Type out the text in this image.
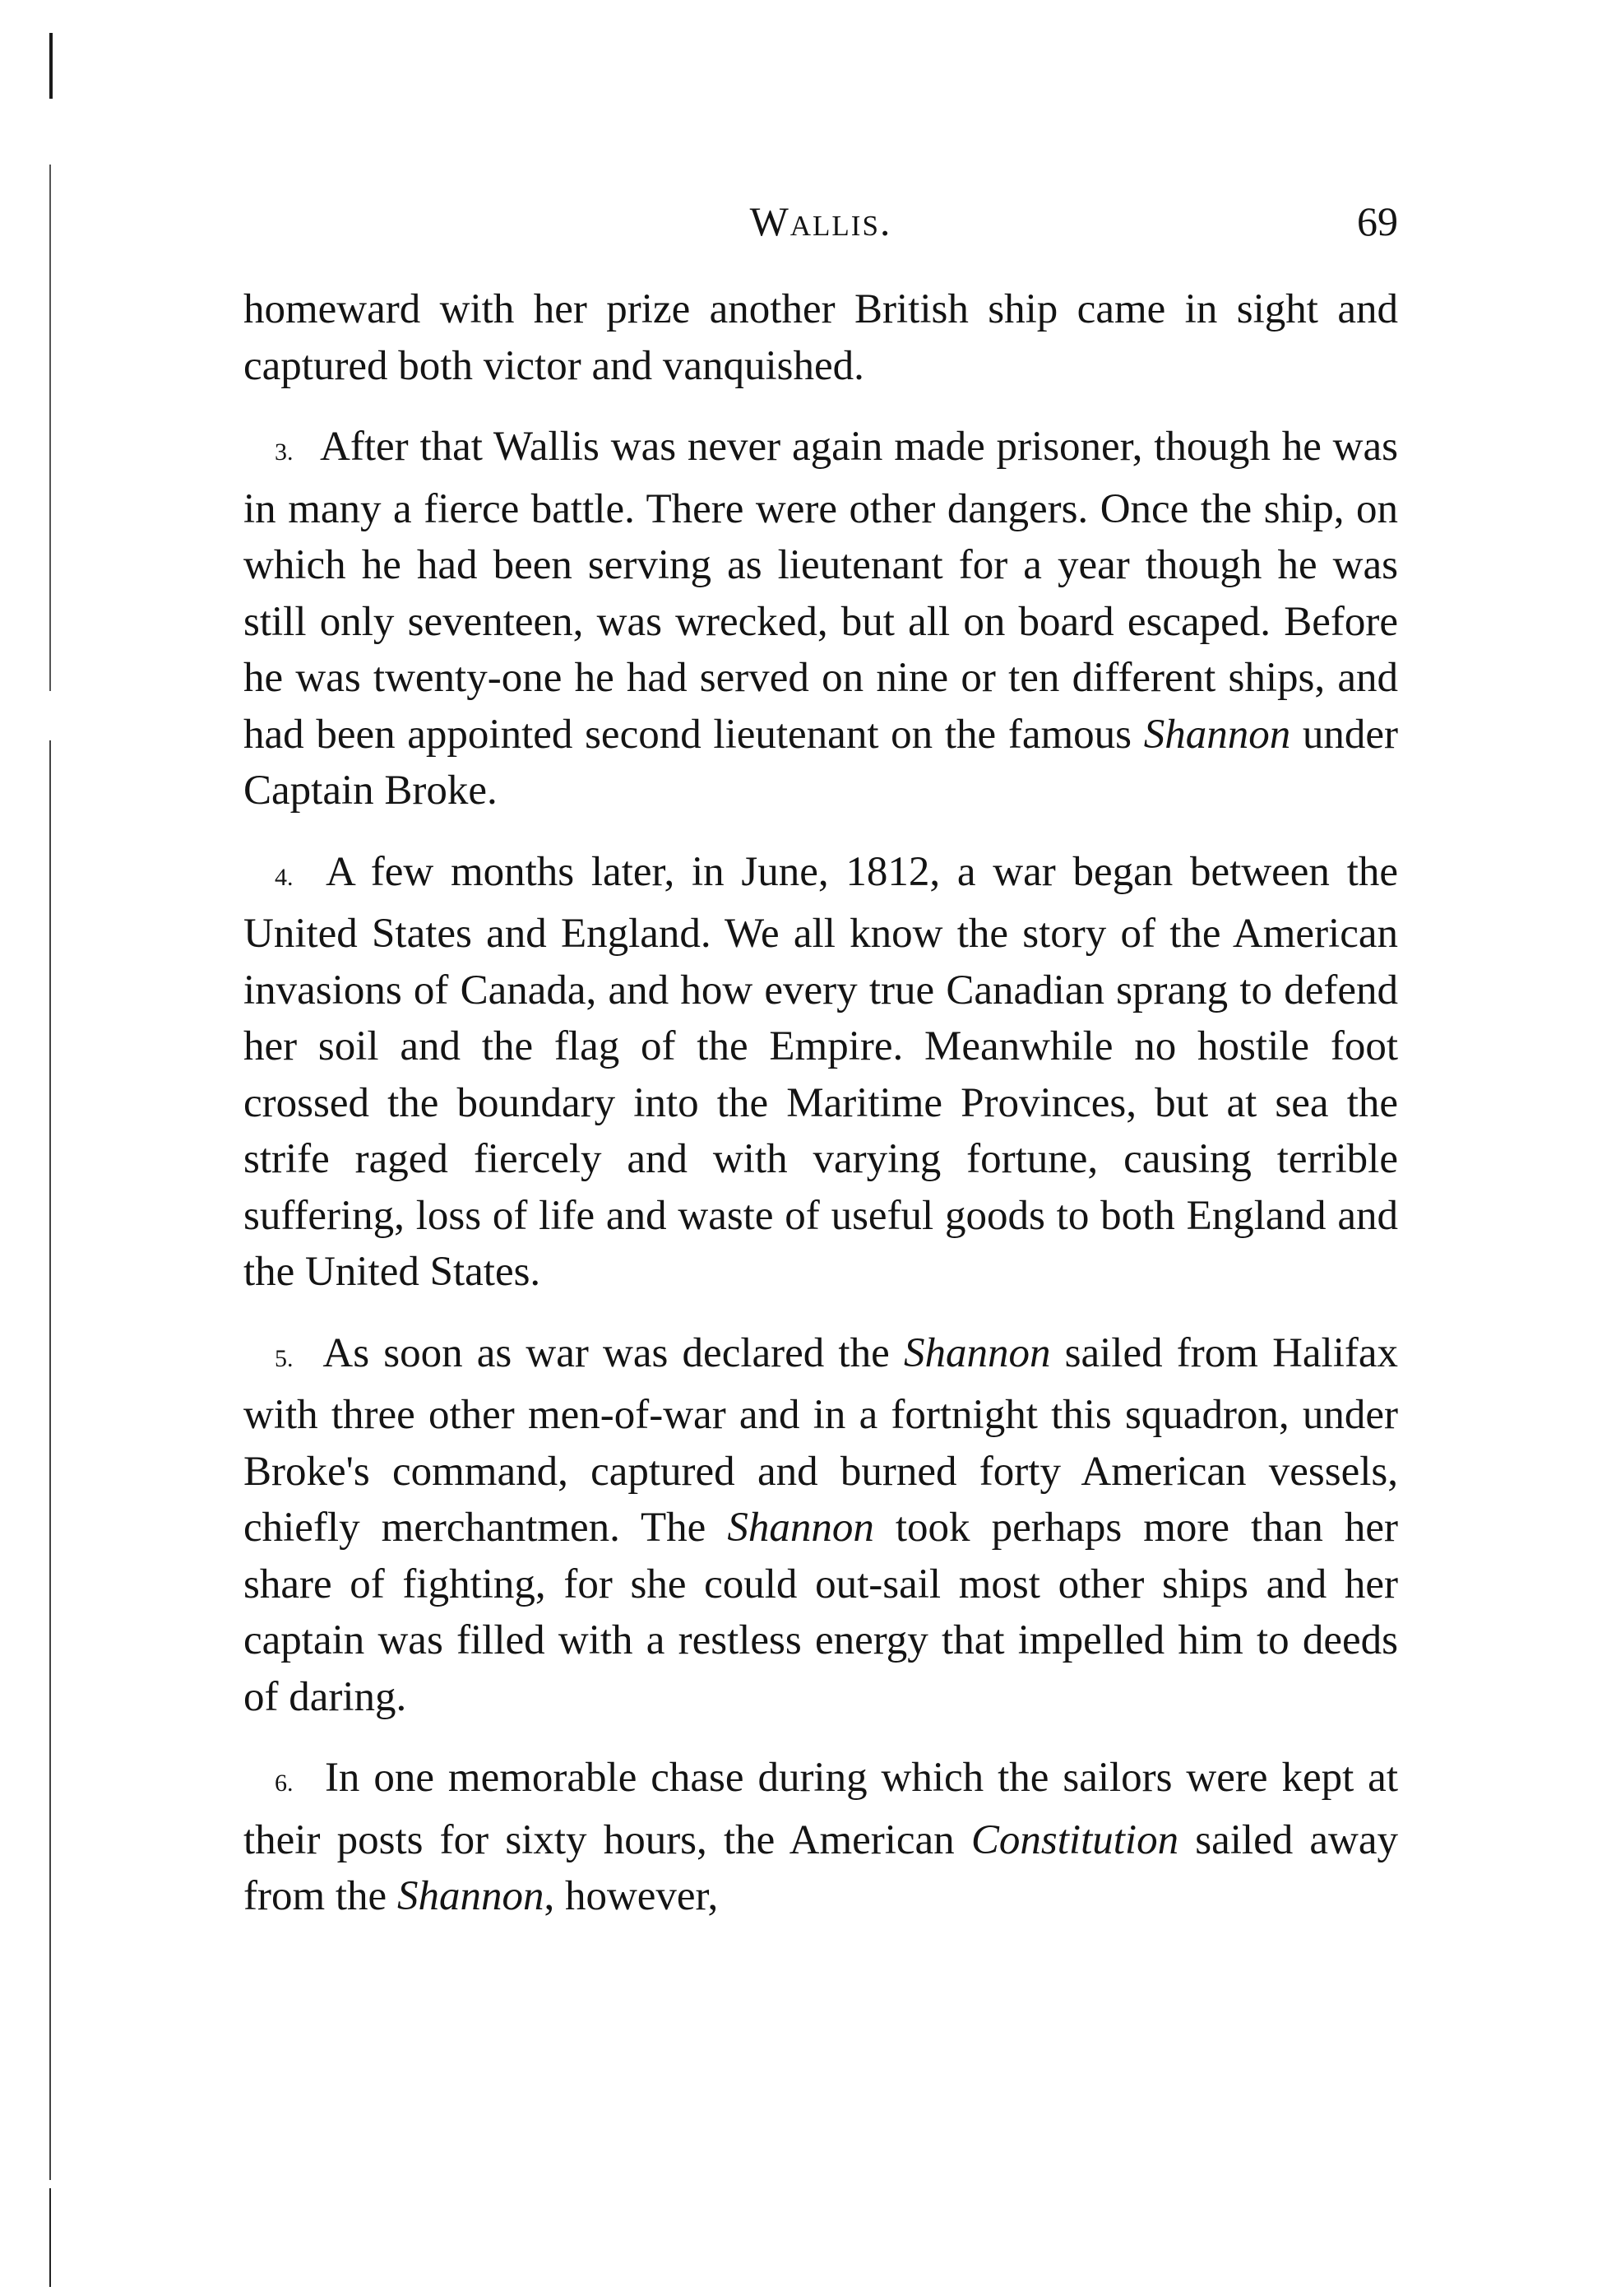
Wallis.	69

homeward with her prize another British ship came in sight and captured both victor and vanquished.

3. After that Wallis was never again made prisoner, though he was in many a fierce battle. There were other dangers. Once the ship, on which he had been serving as lieutenant for a year though he was still only seventeen, was wrecked, but all on board escaped. Before he was twenty-one he had served on nine or ten different ships, and had been appointed second lieutenant on the famous Shannon under Captain Broke.

4. A few months later, in June, 1812, a war began between the United States and England. We all know the story of the American invasions of Canada, and how every true Canadian sprang to defend her soil and the flag of the Empire. Meanwhile no hostile foot crossed the boundary into the Maritime Provinces, but at sea the strife raged fiercely and with varying fortune, causing terrible suffering, loss of life and waste of useful goods to both England and the United States.

5. As soon as war was declared the Shannon sailed from Halifax with three other men-of-war and in a fortnight this squadron, under Broke's command, captured and burned forty American vessels, chiefly merchantmen. The Shannon took perhaps more than her share of fighting, for she could out-sail most other ships and her captain was filled with a restless energy that impelled him to deeds of daring.

6. In one memorable chase during which the sailors were kept at their posts for sixty hours, the American Constitution sailed away from the Shannon, however,
